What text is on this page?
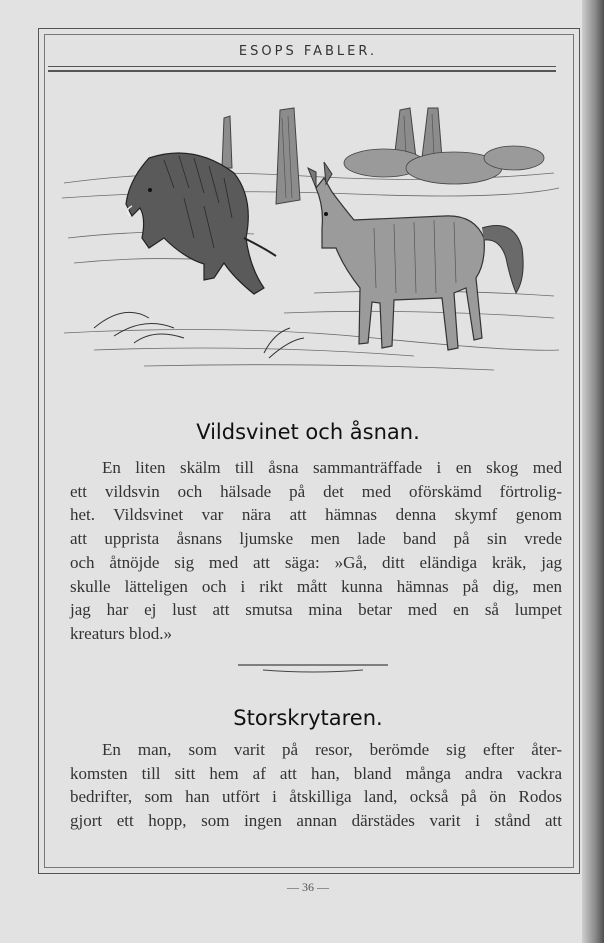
ESOPS FABLER.
Vildsvinet och åsnan.
En liten skälm till åsna sammanträffade i en skog med
ett vildsvin och hälsade på det med oförskämd förtrolig-
het. Vildsvinet var nära att hämnas denna skymf genom
att upprista åsnans ljumske men lade band på sin vrede
och åtnöjde sig med att säga: »Gå, ditt eländiga kräk, jag
skulle lätteligen och i rikt mått kunna hämnas på dig, men
jag har ej lust att smutsa mina betar med en så lumpet
kreaturs blod.»
Storskrytaren.
En man, som varit på resor, berömde sig efter åter-
komsten till sitt hem af att han, bland många andra vackra
bedrifter, som han utfört i åtskilliga land, också på ön Rodos
gjort ett hopp, som ingen annan därstädes varit i stånd att
— 36 —
